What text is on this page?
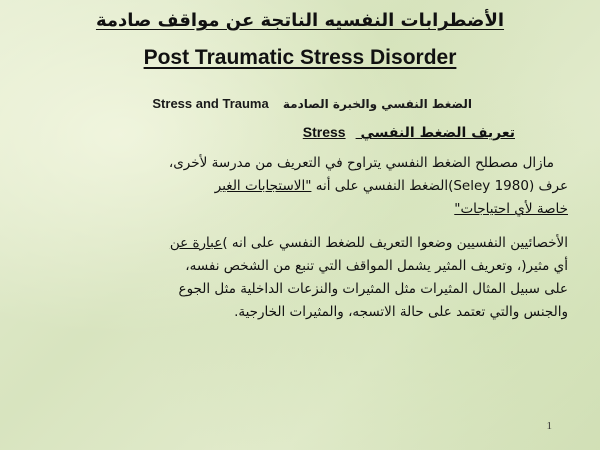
الأضطرابات النفسيه الناتجة عن مواقف صادمة
Post Traumatic Stress Disorder
الضغط النفسي والخبرة الصادمة Stress and Trauma
تعريف الضغط النفسي Stress
مازال مصطلح الضغط النفسي يتراوح في التعريف من مدرسة لأخرى،
عرف (Seley 1980)الضغط النفسي على أنه "الاستجابات الغير
خاصة لأي احتياجات"
الأخصائيين النفسيين وضعوا التعريف للضغط النفسي على انه )عبارة عن
أي مثير(، وتعريف المثير يشمل المواقف التي تنبع من الشخص نفسه،
على سبيل المثال المثيرات مثل المثيرات والنزعات الداخلية مثل الجوع
والجنس والتي تعتمد على حالة الاتسجه، والمثيرات الخارجية.
1
